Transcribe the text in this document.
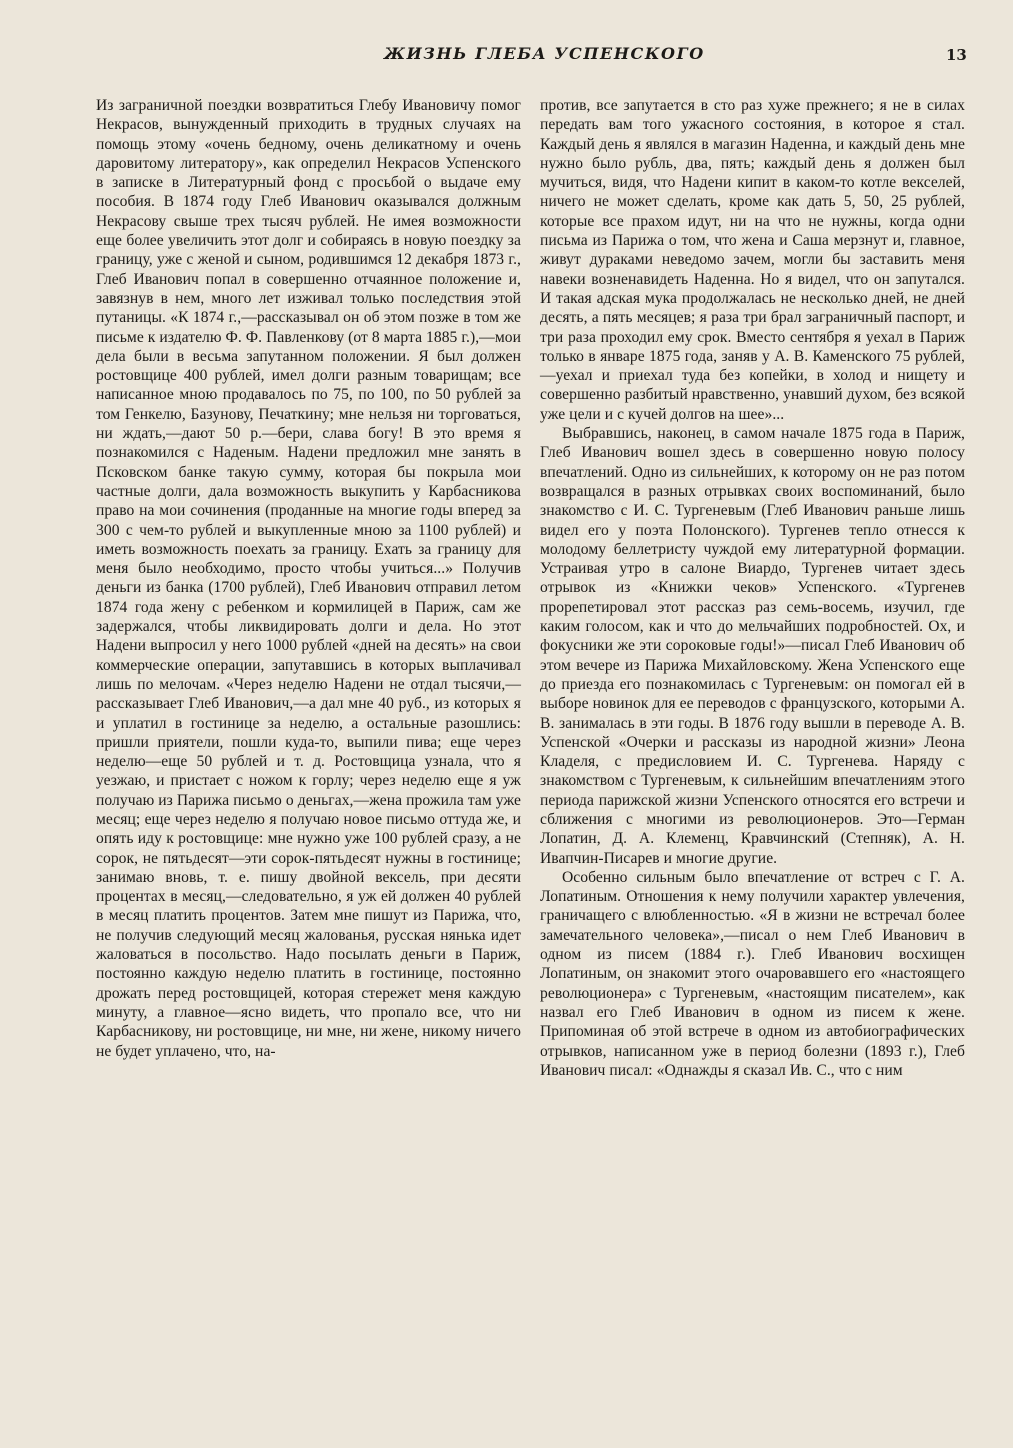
ЖИЗНЬ ГЛЕБА УСПЕНСКОГО	13

Из заграничной поездки возвратиться Глебу Ивановичу помог Некрасов, вынужденный приходить в трудных случаях на помощь этому «очень бедному, очень деликатному и очень даровитому литератору», как определил Некрасов Успенского в записке в Литературный фонд с просьбой о выдаче ему пособия. В 1874 году Глеб Иванович оказывался должным Некрасову свыше трех тысяч рублей. Не имея возможности еще более увеличить этот долг и собираясь в новую поездку за границу, уже с женой и сыном, родившимся 12 декабря 1873 г., Глеб Иванович попал в совершенно отчаянное положение и, завязнув в нем, много лет изживал только последствия этой путаницы. «К 1874 г.,—рассказывал он об этом позже в том же письме к издателю Ф. Ф. Павленкову (от 8 марта 1885 г.),—мои дела были в весьма запутанном положении. Я был должен ростовщице 400 рублей, имел долги разным товарищам; все написанное мною продавалось по 75, по 100, по 50 рублей за том Генкелю, Базунову, Печаткину; мне нельзя ни торговаться, ни ждать,—дают 50 р.—бери, слава богу! В это время я познакомился с Наденым. Надени предложил мне занять в Псковском банке такую сумму, которая бы покрыла мои частные долги, дала возможность выкупить у Карбасникова право на мои сочинения (проданные на многие годы вперед за 300 с чем-то рублей и выкупленные мною за 1100 рублей) и иметь возможность поехать за границу. Ехать за границу для меня было необходимо, просто чтобы учиться...» Получив деньги из банка (1700 рублей), Глеб Иванович отправил летом 1874 года жену с ребенком и кормилицей в Париж, сам же задержался, чтобы ликвидировать долги и дела. Но этот Надени выпросил у него 1000 рублей «дней на десять» на свои коммерческие операции, запутавшись в которых выплачивал лишь по мелочам. «Через неделю Надени не отдал тысячи,—рассказывает Глеб Иванович,—а дал мне 40 руб., из которых я и уплатил в гостинице за неделю, а остальные разошлись: пришли приятели, пошли куда-то, выпили пива; еще через неделю—еще 50 рублей и т. д. Ростовщица узнала, что я уезжаю, и пристает с ножом к горлу; через неделю еще я уж получаю из Парижа письмо о деньгах,—жена прожила там уже месяц; еще через неделю я получаю новое письмо оттуда же, и опять иду к ростовщице: мне нужно уже 100 рублей сразу, а не сорок, не пятьдесят—эти сорок-пятьдесят нужны в гостинице; занимаю вновь, т. е. пишу двойной вексель, при десяти процентах в месяц,—следовательно, я уж ей должен 40 рублей в месяц платить процентов. Затем мне пишут из Парижа, что, не получив следующий месяц жалованья, русская нянька идет жаловаться в посольство. Надо посылать деньги в Париж, постоянно каждую неделю платить в гостинице, постоянно дрожать перед ростовщицей, которая стережет меня каждую минуту, а главное—ясно видеть, что пропало все, что ни Карбасникову, ни ростовщице, ни мне, ни жене, никому ничего не будет уплачено, что, на-

против, все запутается в сто раз хуже прежнего; я не в силах передать вам того ужасного состояния, в которое я стал. Каждый день я являлся в магазин Наденна, и каждый день мне нужно было рубль, два, пять; каждый день я должен был мучиться, видя, что Надени кипит в каком-то котле векселей, ничего не может сделать, кроме как дать 5, 50, 25 рублей, которые все прахом идут, ни на что не нужны, когда одни письма из Парижа о том, что жена и Саша мерзнут и, главное, живут дураками неведомо зачем, могли бы заставить меня навеки возненавидеть Наденна. Но я видел, что он запутался. И такая адская мука продолжалась не несколько дней, не дней десять, а пять месяцев; я раза три брал заграничный паспорт, и три раза проходил ему срок. Вместо сентября я уехал в Париж только в январе 1875 года, заняв у А. В. Каменского 75 рублей,—уехал и приехал туда без копейки, в холод и нищету и совершенно разбитый нравственно, унавший духом, без всякой уже цели и с кучей долгов на шее»...

Выбравшись, наконец, в самом начале 1875 года в Париж, Глеб Иванович вошел здесь в совершенно новую полосу впечатлений. Одно из сильнейших, к которому он не раз потом возвращался в разных отрывках своих воспоминаний, было знакомство с И. С. Тургеневым (Глеб Иванович раньше лишь видел его у поэта Полонского). Тургенев тепло отнесся к молодому беллетристу чуждой ему литературной формации. Устраивая утро в салоне Виардо, Тургенев читает здесь отрывок из «Книжки чеков» Успенского. «Тургенев прорепетировал этот рассказ раз семь-восемь, изучил, где каким голосом, как и что до мельчайших подробностей. Ох, и фокусники же эти сороковые годы!»—писал Глеб Иванович об этом вечере из Парижа Михайловскому. Жена Успенского еще до приезда его познакомилась с Тургеневым: он помогал ей в выборе новинок для ее переводов с французского, которыми А. В. занималась в эти годы. В 1876 году вышли в переводе А. В. Успенской «Очерки и рассказы из народной жизни» Леона Кладеля, с предисловием И. С. Тургенева. Наряду с знакомством с Тургеневым, к сильнейшим впечатлениям этого периода парижской жизни Успенского относятся его встречи и сближения с многими из революционеров. Это—Герман Лопатин, Д. А. Клеменц, Кравчинский (Степняк), А. Н. Ивапчин-Писарев и многие другие.

Особенно сильным было впечатление от встреч с Г. А. Лопатиным. Отношения к нему получили характер увлечения, граничащего с влюбленностью. «Я в жизни не встречал более замечательного человека»,—писал о нем Глеб Иванович в одном из писем (1884 г.). Глеб Иванович восхищен Лопатиным, он знакомит этого очаровавшего его «настоящего революционера» с Тургеневым, «настоящим писателем», как назвал его Глеб Иванович в одном из писем к жене. Припоминая об этой встрече в одном из автобиографических отрывков, написанном уже в период болезни (1893 г.), Глеб Иванович писал: «Однажды я сказал Ив. С., что с ним
